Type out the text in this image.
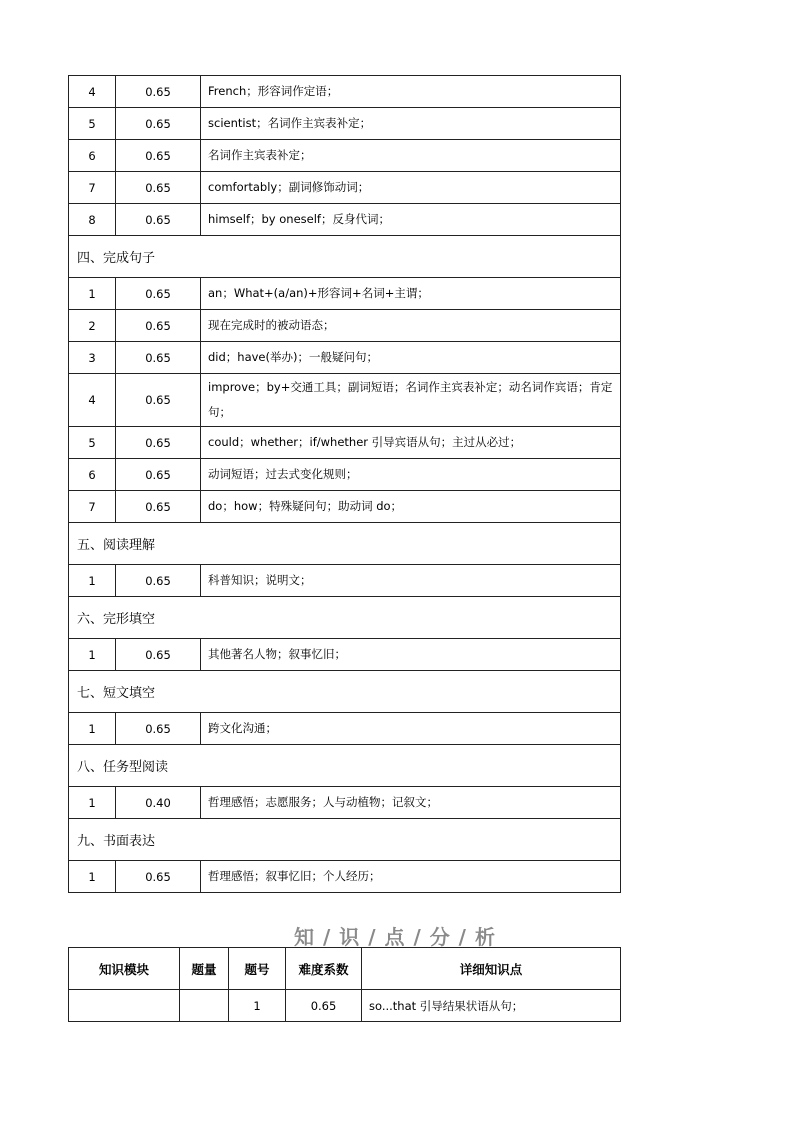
4	0.65	French；形容词作定语；
5	0.65	scientist；名词作主宾表补定；
6	0.65	名词作主宾表补定；
7	0.65	comfortably；副词修饰动词；
8	0.65	himself；by oneself；反身代词；
四、完成句子		
1	0.65	an；What+(a/an)+形容词+名词+主谓；
2	0.65	现在完成时的被动语态；
3	0.65	did；have(举办)；一般疑问句；
4	0.65	improve；by+交通工具；副词短语；名词作主宾表补定；动名词作宾语；肯定句；
5	0.65	could；whether；if/whether 引导宾语从句；主过从必过；
6	0.65	动词短语；过去式变化规则；
7	0.65	do；how；特殊疑问句；助动词 do；
五、阅读理解		
1	0.65	科普知识；说明文；
六、完形填空		
1	0.65	其他著名人物；叙事忆旧；
七、短文填空		
1	0.65	跨文化沟通；
八、任务型阅读		
1	0.40	哲理感悟；志愿服务；人与动植物；记叙文；
九、书面表达		
1	0.65	哲理感悟；叙事忆旧；个人经历；
知 / 识 / 点 / 分 / 析
知识模块	题量	题号	难度系数	详细知识点
		1	0.65	so...that 引导结果状语从句；
